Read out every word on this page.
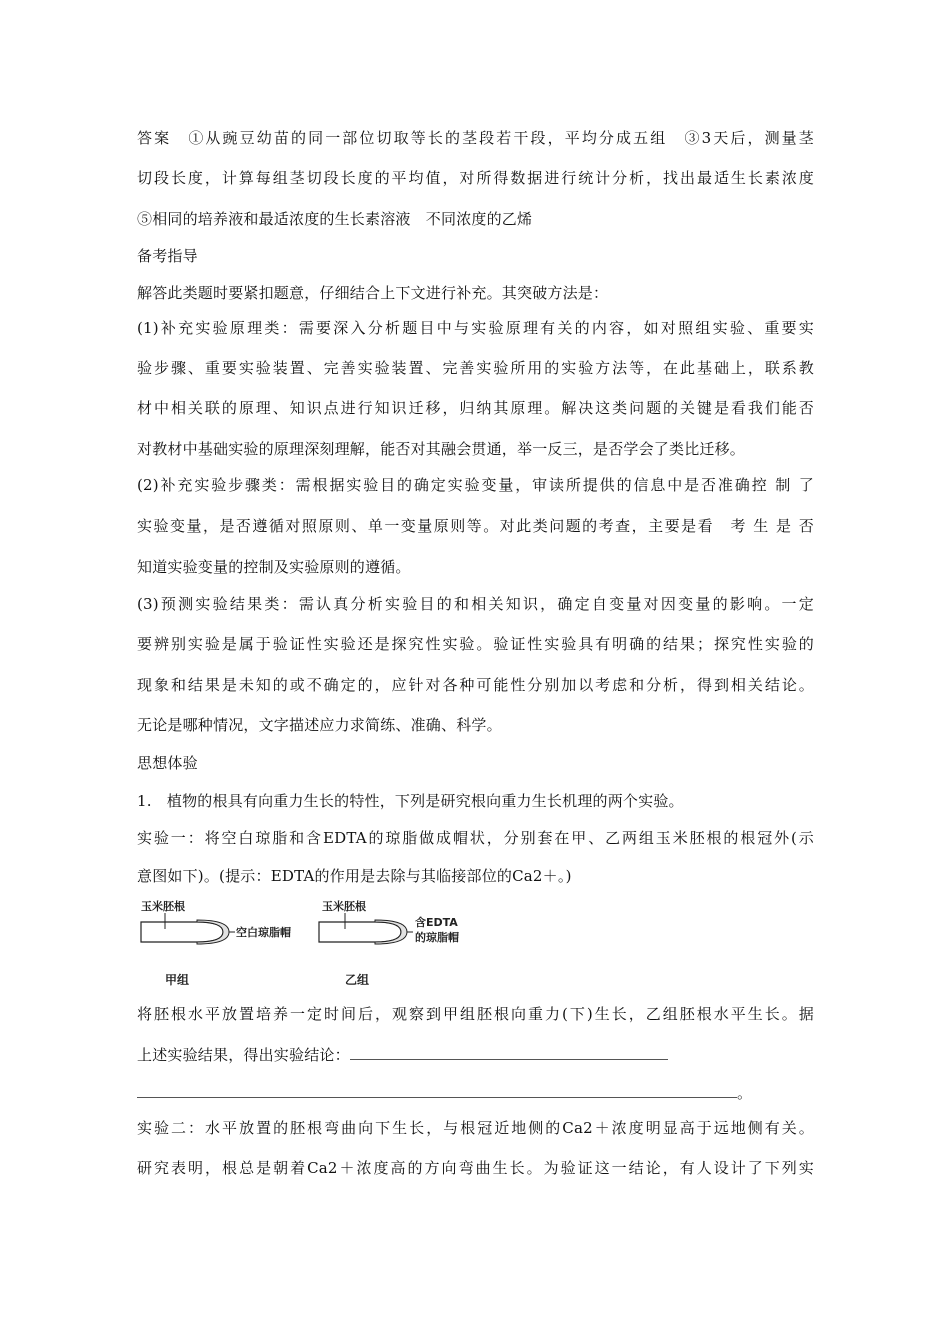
答案　①从豌豆幼苗的同一部位切取等长的茎段若干段，平均分成五组　③3天后，测量茎
切段长度，计算每组茎切段长度的平均值，对所得数据进行统计分析，找出最适生长素浓度
⑤相同的培养液和最适浓度的生长素溶液　不同浓度的乙烯
备考指导
解答此类题时要紧扣题意，仔细结合上下文进行补充。其突破方法是：
(1)补充实验原理类：需要深入分析题目中与实验原理有关的内容，如对照组实验、重要实
验步骤、重要实验装置、完善实验装置、完善实验所用的实验方法等，在此基础上，联系教
材中相关联的原理、知识点进行知识迁移，归纳其原理。解决这类问题的关键是看我们能否
对教材中基础实验的原理深刻理解，能否对其融会贯通，举一反三，是否学会了类比迁移。
(2)补充实验步骤类：需根据实验目的确定实验变量，审读所提供的信息中是否准确控 制 了
实验变量，是否遵循对照原则、单一变量原则等。对此类问题的考查，主要是看　考 生 是 否
知道实验变量的控制及实验原则的遵循。
(3)预测实验结果类：需认真分析实验目的和相关知识，确定自变量对因变量的影响。一定
要辨别实验是属于验证性实验还是探究性实验。验证性实验具有明确的结果；探究性实验的
现象和结果是未知的或不确定的，应针对各种可能性分别加以考虑和分析，得到相关结论。
无论是哪种情况，文字描述应力求简练、准确、科学。
思想体验
1.　植物的根具有向重力生长的特性，下列是研究根向重力生长机理的两个实验。
实验一：将空白琼脂和含EDTA的琼脂做成帽状，分别套在甲、乙两组玉米胚根的根冠外(示
意图如下)。(提示：EDTA的作用是去除与其临接部位的Ca2＋。)
玉米胚根
空白琼脂帽
甲组
玉米胚根
含EDTA
的琼脂帽
乙组
将胚根水平放置培养一定时间后，观察到甲组胚根向重力(下)生长，乙组胚根水平生长。据
上述实验结果，得出实验结论：
。
实验二：水平放置的胚根弯曲向下生长，与根冠近地侧的Ca2＋浓度明显高于远地侧有关。
研究表明，根总是朝着Ca2＋浓度高的方向弯曲生长。为验证这一结论，有人设计了下列实
